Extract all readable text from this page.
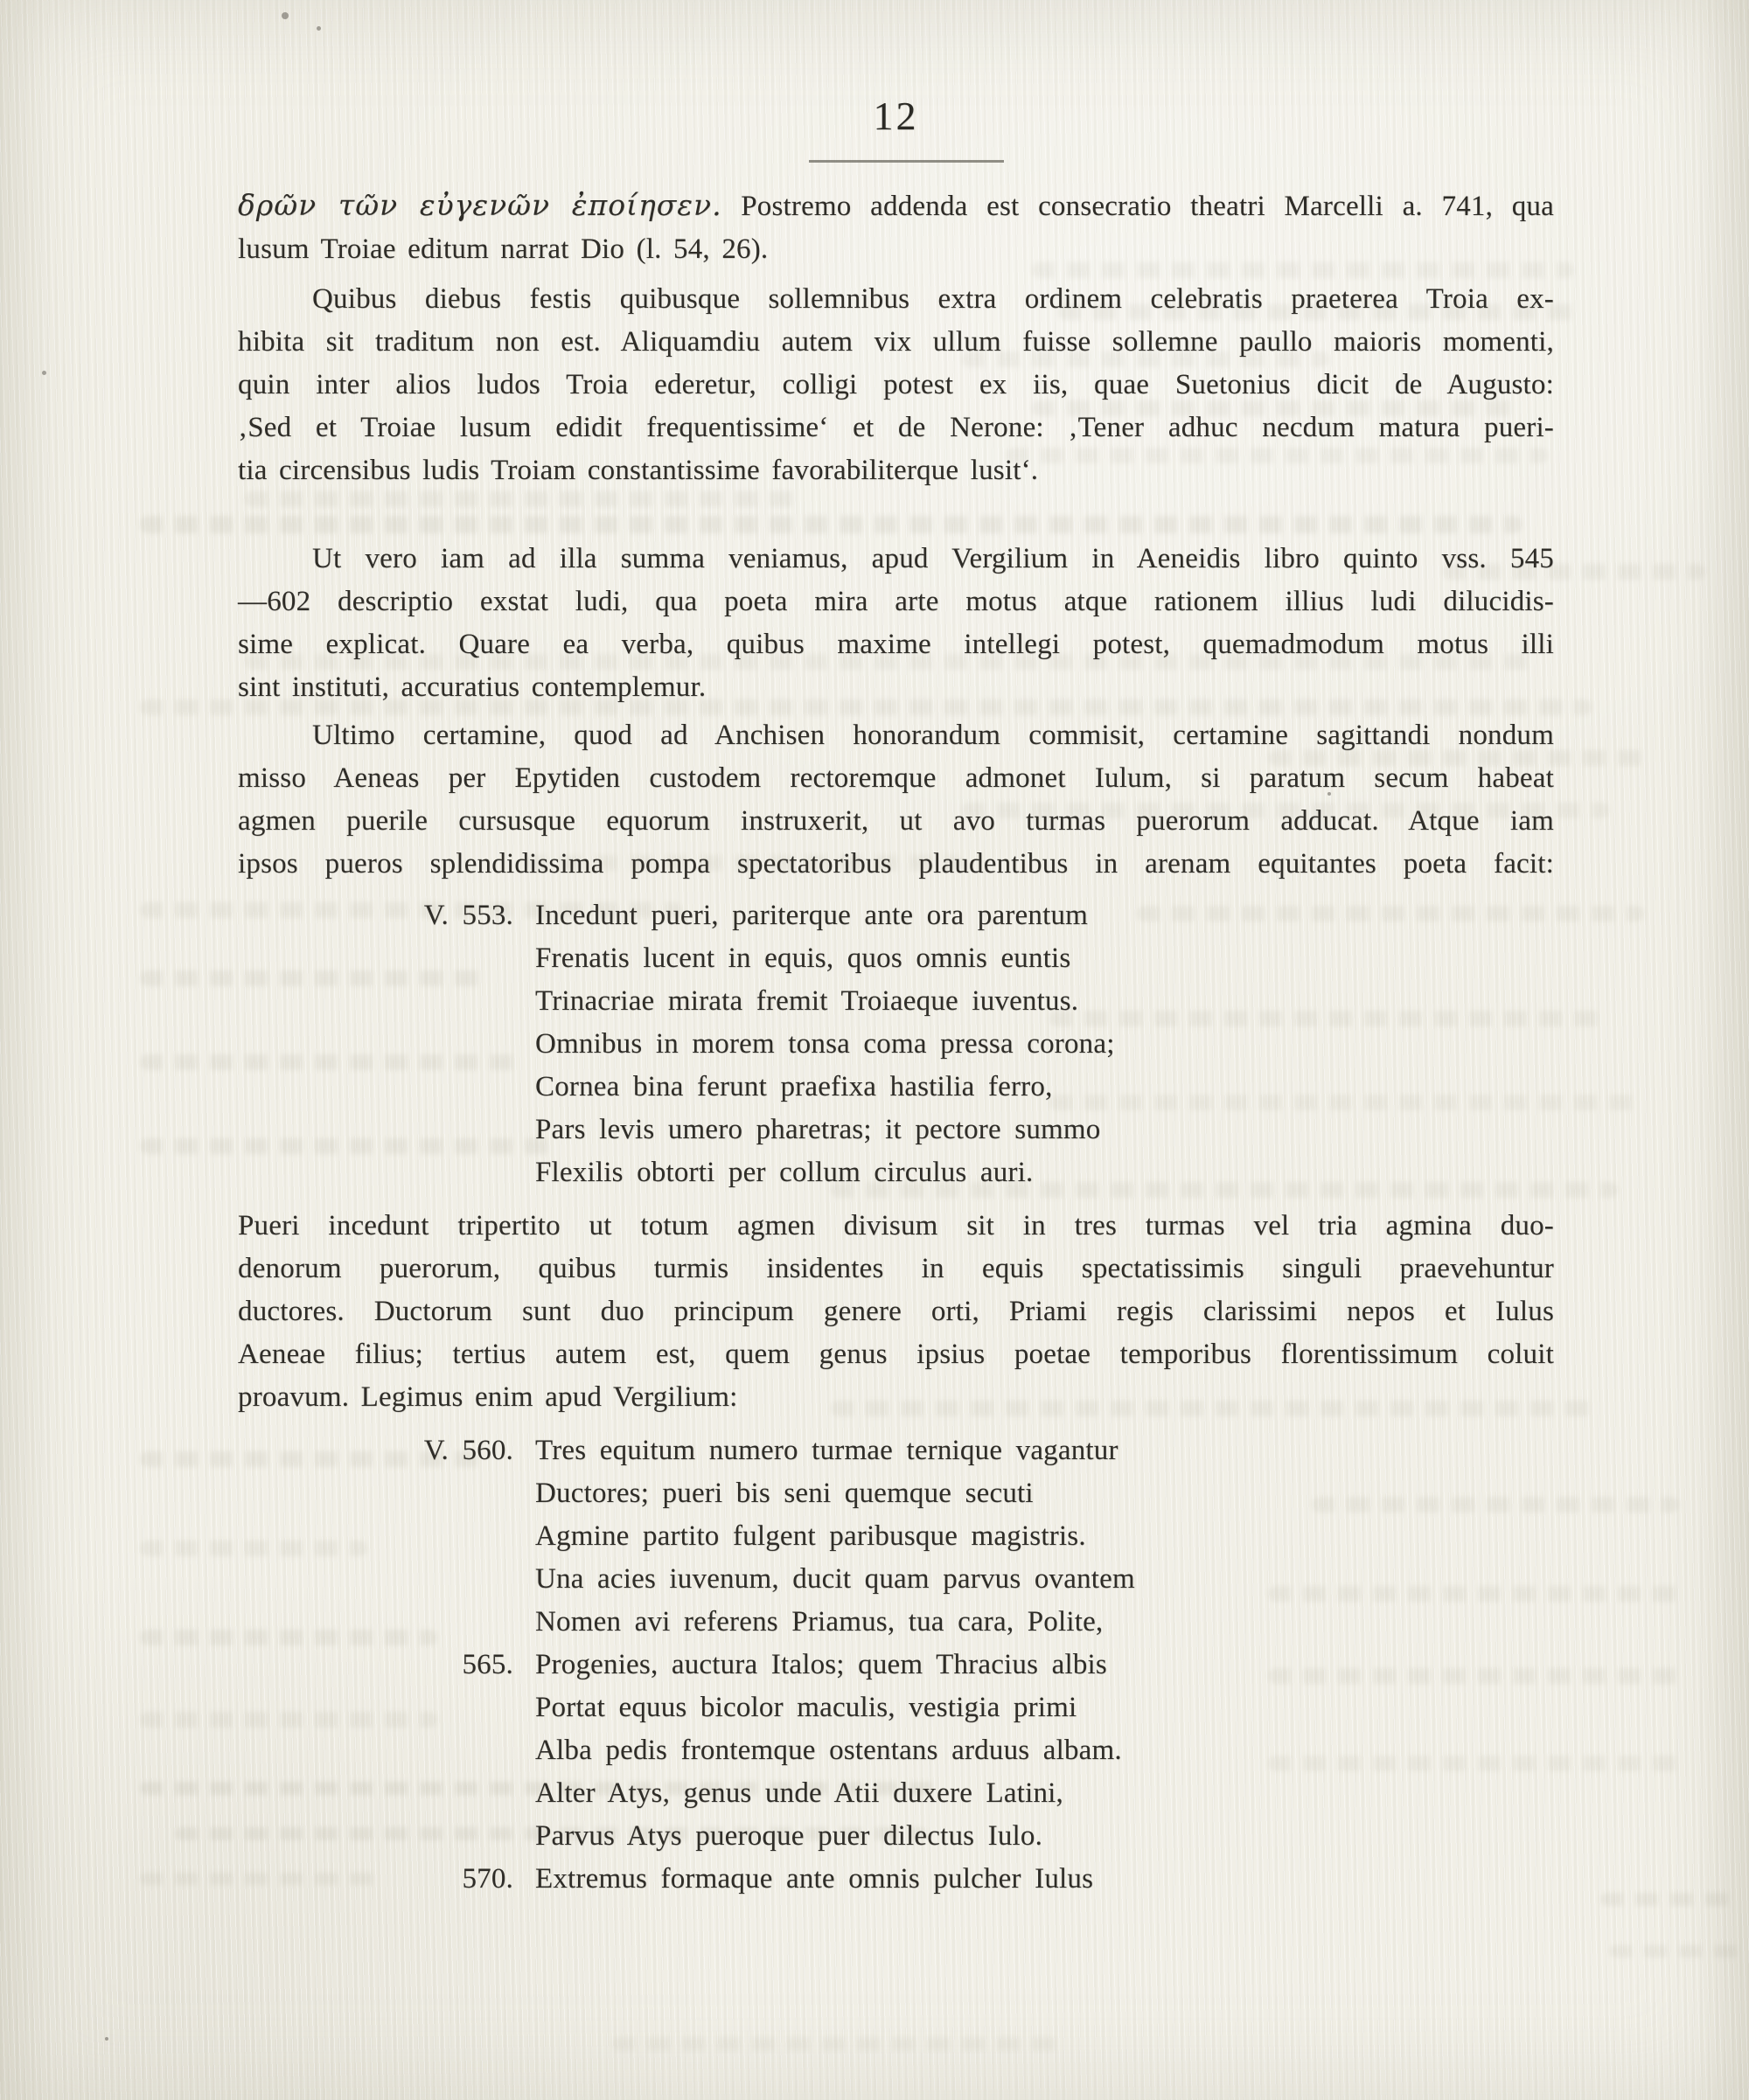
12
δρῶν τῶν εὐγενῶν ἐποίησεν. Postremo addenda est consecratio theatri Marcelli a. 741, qua
lusum Troiae editum narrat Dio (l. 54, 26).
Quibus diebus festis quibusque sollemnibus extra ordinem celebratis praeterea Troia ex-
hibita sit traditum non est. Aliquamdiu autem vix ullum fuisse sollemne paullo maioris momenti,
quin inter alios ludos Troia ederetur, colligi potest ex iis, quae Suetonius dicit de Augusto:
‚Sed et Troiae lusum edidit frequentissime‘ et de Nerone: ‚Tener adhuc necdum matura pueri-
tia circensibus ludis Troiam constantissime favorabiliterque lusit‘.
Ut vero iam ad illa summa veniamus, apud Vergilium in Aeneidis libro quinto vss. 545
—602 descriptio exstat ludi, qua poeta mira arte motus atque rationem illius ludi dilucidis-
sime explicat. Quare ea verba, quibus maxime intellegi potest, quemadmodum motus illi
sint instituti, accuratius contemplemur.
Ultimo certamine, quod ad Anchisen honorandum commisit, certamine sagittandi nondum
misso Aeneas per Epytiden custodem rectoremque admonet Iulum, si paratum secum habeat
agmen puerile cursusque equorum instruxerit, ut avo turmas puerorum adducat. Atque iam
ipsos pueros splendidissima pompa spectatoribus plaudentibus in arenam equitantes poeta facit:
V. 553. Incedunt pueri, pariterque ante ora parentum
Frenatis lucent in equis, quos omnis euntis
Trinacriae mirata fremit Troiaeque iuventus.
Omnibus in morem tonsa coma pressa corona;
Cornea bina ferunt praefixa hastilia ferro,
Pars levis umero pharetras; it pectore summo
Flexilis obtorti per collum circulus auri.
Pueri incedunt tripertito ut totum agmen divisum sit in tres turmas vel tria agmina duo-
denorum puerorum, quibus turmis insidentes in equis spectatissimis singuli praevehuntur
ductores. Ductorum sunt duo principum genere orti, Priami regis clarissimi nepos et Iulus
Aeneae filius; tertius autem est, quem genus ipsius poetae temporibus florentissimum coluit
proavum. Legimus enim apud Vergilium:
V. 560. Tres equitum numero turmae ternique vagantur
Ductores; pueri bis seni quemque secuti
Agmine partito fulgent paribusque magistris.
Una acies iuvenum, ducit quam parvus ovantem
Nomen avi referens Priamus, tua cara, Polite,
565. Progenies, auctura Italos; quem Thracius albis
Portat equus bicolor maculis, vestigia primi
Alba pedis frontemque ostentans arduus albam.
Alter Atys, genus unde Atii duxere Latini,
Parvus Atys pueroque puer dilectus Iulo.
570. Extremus formaque ante omnis pulcher Iulus
